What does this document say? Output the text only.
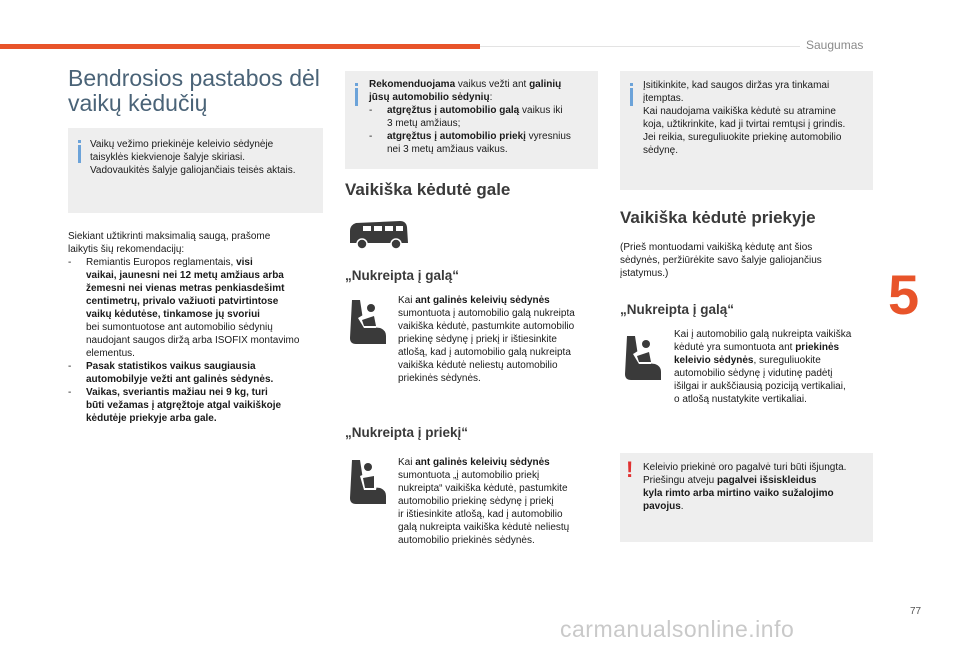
Saugumas
5
77
carmanualsonline.info
Bendrosios pastabos dėl
vaikų kėdučių
Vaikų vežimo priekinėje keleivio sėdynėje
taisyklės kiekvienoje šalyje skiriasi.
Vadovaukitės šalyje galiojančiais teisės aktais.
Siekiant užtikrinti maksimalią saugą, prašome
laikytis šių rekomendacijų:
- Remiantis Europos reglamentais, visi
vaikai, jaunesni nei 12 metų amžiaus arba
žemesni nei vienas metras penkiasdešimt
centimetrų, privalo važiuoti patvirtintose
vaikų kėdutėse, tinkamose jų svoriui
bei sumontuotose ant automobilio sėdynių
naudojant saugos diržą arba ISOFIX montavimo
elementus.
- Pasak statistikos vaikus saugiausia
automobilyje vežti ant galinės sėdynės.
- Vaikas, sveriantis mažiau nei 9 kg, turi
būti vežamas į atgręžtoje atgal vaikiškoje
kėdutėje priekyje arba gale.
Rekomenduojama vaikus vežti ant galinių
jūsų automobilio sėdynių:
- atgręžtus į automobilio galą vaikus iki
3 metų amžiaus;
- atgręžtus į automobilio priekį vyresnius
nei 3 metų amžiaus vaikus.
Vaikiška kėdutė gale
„Nukreipta į galą“
Kai ant galinės keleivių sėdynės
sumontuota į automobilio galą nukreipta
vaikiška kėdutė, pastumkite automobilio
priekinę sėdynę į priekį ir ištiesinkite
atlošą, kad į automobilio galą nukreipta
vaikiška kėdutė neliestų automobilio
priekinės sėdynės.
„Nukreipta į priekį“
Kai ant galinės keleivių sėdynės
sumontuota „į automobilio priekį
nukreipta“ vaikiška kėdutė, pastumkite
automobilio priekinę sėdynę į priekį
ir ištiesinkite atlošą, kad į automobilio
galą nukreipta vaikiška kėdutė neliestų
automobilio priekinės sėdynės.
Įsitikinkite, kad saugos diržas yra tinkamai
įtemptas.
Kai naudojama vaikiška kėdutė su atramine
koja, užtikrinkite, kad ji tvirtai remtųsi į grindis.
Jei reikia, sureguliuokite priekinę automobilio
sėdynę.
Vaikiška kėdutė priekyje
(Prieš montuodami vaikišką kėdutę ant šios
sėdynės, peržiūrėkite savo šalyje galiojančius
įstatymus.)
„Nukreipta į galą“
Kai į automobilio galą nukreipta vaikiška
kėdutė yra sumontuota ant priekinės
keleivio sėdynės, sureguliuokite
automobilio sėdynę į vidutinę padėtį
išilgai ir aukščiausią poziciją vertikaliai,
o atlošą nustatykite vertikaliai.
! Keleivio priekinė oro pagalvė turi būti išjungta.
Priešingu atveju pagalvei išsiskleidus
kyla rimto arba mirtino vaiko sužalojimo
pavojus.
